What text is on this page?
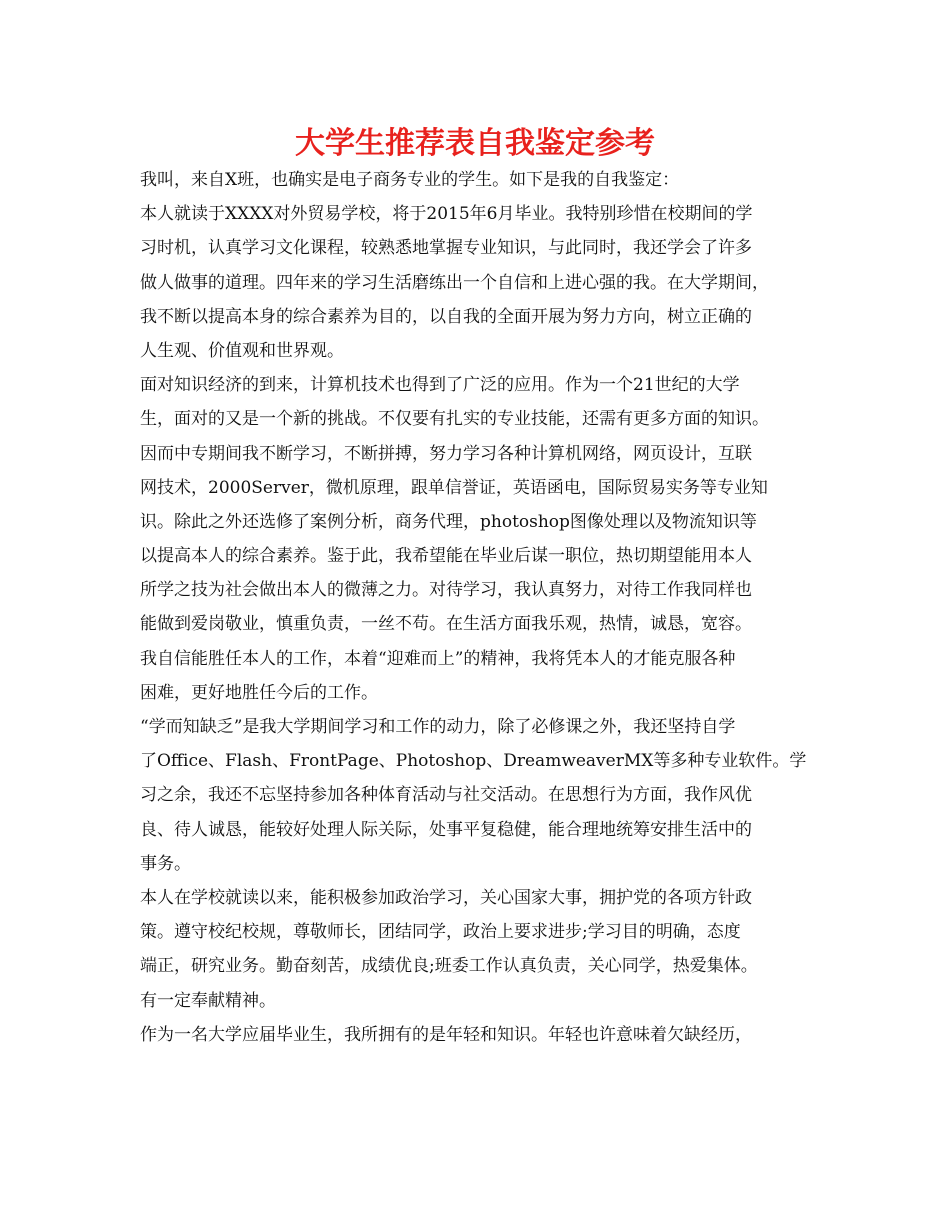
大学生推荐表自我鉴定参考
我叫，来自X班，也确实是电子商务专业的学生。如下是我的自我鉴定：
本人就读于XXXX对外贸易学校，将于2015年6月毕业。我特别珍惜在校期间的学
习时机，认真学习文化课程，较熟悉地掌握专业知识，与此同时，我还学会了许多
做人做事的道理。四年来的学习生活磨练出一个自信和上进心强的我。在大学期间，
我不断以提高本身的综合素养为目的，以自我的全面开展为努力方向，树立正确的
人生观、价值观和世界观。
面对知识经济的到来，计算机技术也得到了广泛的应用。作为一个21世纪的大学
生，面对的又是一个新的挑战。不仅要有扎实的专业技能，还需有更多方面的知识。
因而中专期间我不断学习，不断拼搏，努力学习各种计算机网络，网页设计，互联
网技术，2000Server，微机原理，跟单信誉证，英语函电，国际贸易实务等专业知
识。除此之外还选修了案例分析，商务代理，photoshop图像处理以及物流知识等
以提高本人的综合素养。鉴于此，我希望能在毕业后谋一职位，热切期望能用本人
所学之技为社会做出本人的微薄之力。对待学习，我认真努力，对待工作我同样也
能做到爱岗敬业，慎重负责，一丝不苟。在生活方面我乐观，热情，诚恳，宽容。
我自信能胜任本人的工作，本着“迎难而上”的精神，我将凭本人的才能克服各种
困难，更好地胜任今后的工作。
“学而知缺乏”是我大学期间学习和工作的动力，除了必修课之外，我还坚持自学
了Office、Flash、FrontPage、Photoshop、DreamweaverMX等多种专业软件。学
习之余，我还不忘坚持参加各种体育活动与社交活动。在思想行为方面，我作风优
良、待人诚恳，能较好处理人际关际，处事平复稳健，能合理地统筹安排生活中的
事务。
本人在学校就读以来，能积极参加政治学习，关心国家大事，拥护党的各项方针政
策。遵守校纪校规，尊敬师长，团结同学，政治上要求进步;学习目的明确，态度
端正，研究业务。勤奋刻苦，成绩优良;班委工作认真负责，关心同学，热爱集体。
有一定奉献精神。
作为一名大学应届毕业生，我所拥有的是年轻和知识。年轻也许意味着欠缺经历，
